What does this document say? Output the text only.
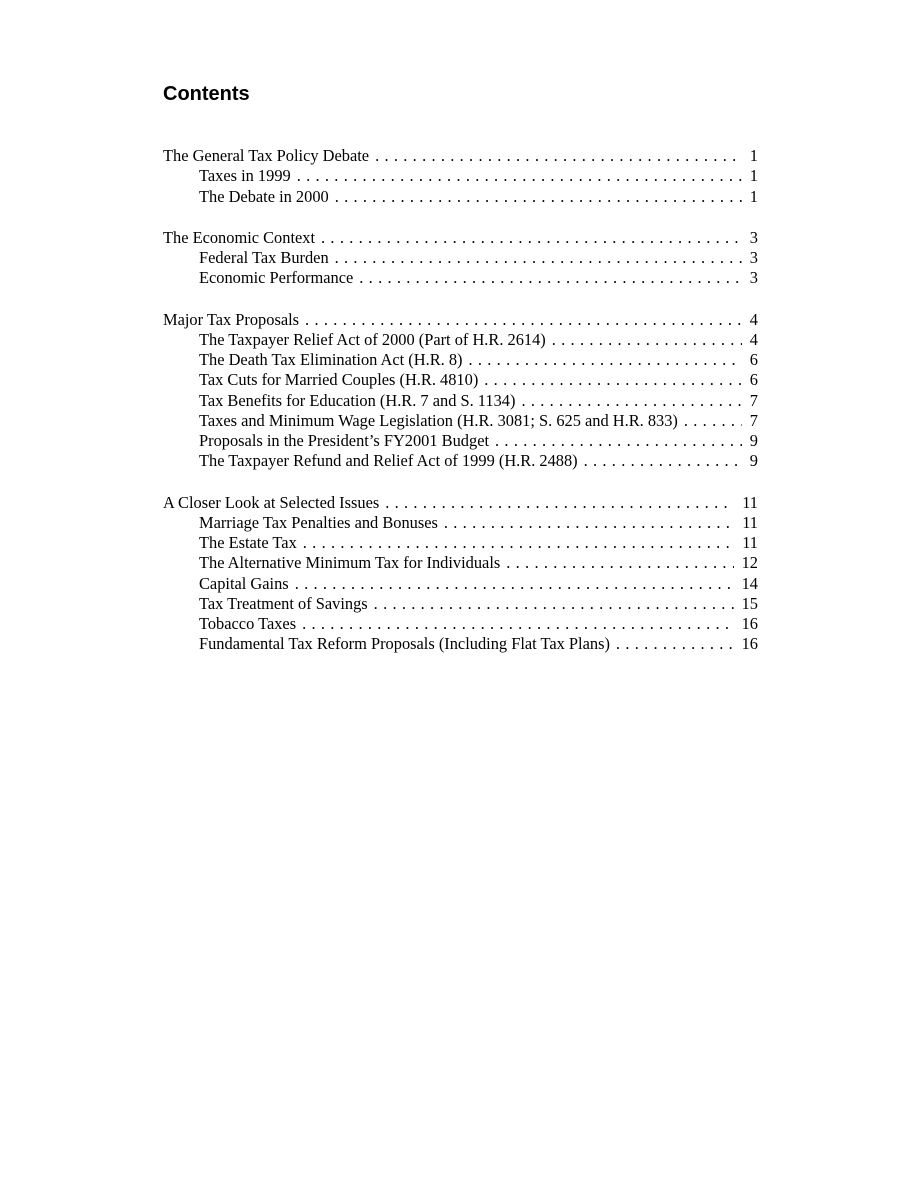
Contents
The General Tax Policy Debate . . .	1
Taxes in 1999 . . .	1
The Debate in 2000 . . .	1
The Economic Context . . .	3
Federal Tax Burden . . .	3
Economic Performance . . .	3
Major Tax Proposals . . .	4
The Taxpayer Relief Act of 2000 (Part of H.R. 2614) . . .	4
The Death Tax Elimination Act (H.R. 8) . . .	6
Tax Cuts for Married Couples (H.R. 4810) . . .	6
Tax Benefits for Education (H.R. 7 and S. 1134) . . .	7
Taxes and Minimum Wage Legislation (H.R. 3081; S. 625 and H.R. 833) . . .	7
Proposals in the President’s FY2001 Budget . . .	9
The Taxpayer Refund and Relief Act of 1999 (H.R. 2488) . . .	9
A Closer Look at Selected Issues . . .	11
Marriage Tax Penalties and Bonuses . . .	11
The Estate Tax . . .	11
The Alternative Minimum Tax for Individuals . . .	12
Capital Gains . . .	14
Tax Treatment of Savings . . .	15
Tobacco Taxes . . .	16
Fundamental Tax Reform Proposals (Including Flat Tax Plans) . . .	16
